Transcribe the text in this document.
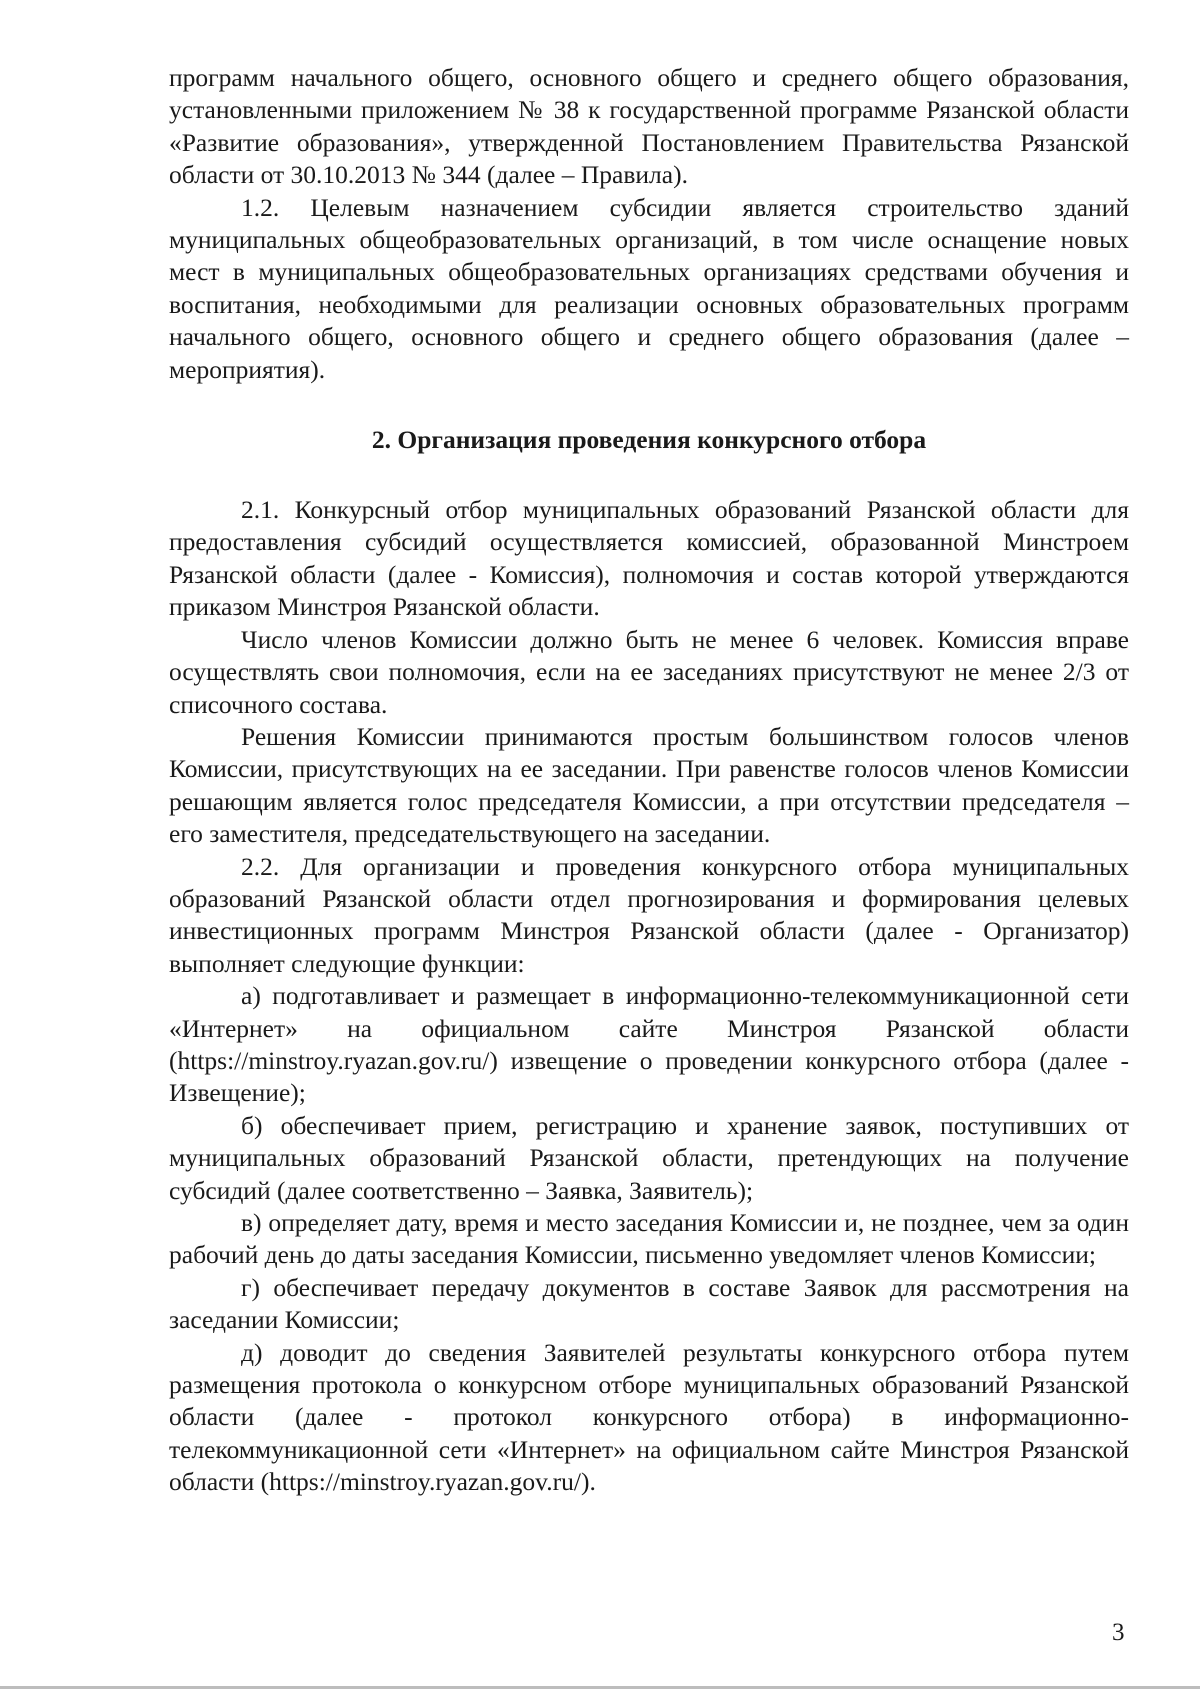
программ начального общего, основного общего и среднего общего образования, установленными приложением № 38 к государственной программе Рязанской области «Развитие образования», утвержденной Постановлением Правительства Рязанской области от 30.10.2013 № 344 (далее – Правила).

1.2. Целевым назначением субсидии является строительство зданий муниципальных общеобразовательных организаций, в том числе оснащение новых мест в муниципальных общеобразовательных организациях средствами обучения и воспитания, необходимыми для реализации основных образовательных программ начального общего, основного общего и среднего общего образования (далее – мероприятия).

2. Организация проведения конкурсного отбора

2.1. Конкурсный отбор муниципальных образований Рязанской области для предоставления субсидий осуществляется комиссией, образованной Минстроем Рязанской области (далее - Комиссия), полномочия и состав которой утверждаются приказом Минстроя Рязанской области.

Число членов Комиссии должно быть не менее 6 человек. Комиссия вправе осуществлять свои полномочия, если на ее заседаниях присутствуют не менее 2/3 от списочного состава.

Решения Комиссии принимаются простым большинством голосов членов Комиссии, присутствующих на ее заседании. При равенстве голосов членов Комиссии решающим является голос председателя Комиссии, а при отсутствии председателя – его заместителя, председательствующего на заседании.

2.2. Для организации и проведения конкурсного отбора муниципальных образований Рязанской области отдел прогнозирования и формирования целевых инвестиционных программ Минстроя Рязанской области (далее - Организатор) выполняет следующие функции:

а) подготавливает и размещает в информационно-телекоммуникационной сети «Интернет» на официальном сайте Минстроя Рязанской области (https://minstroy.ryazan.gov.ru/) извещение о проведении конкурсного отбора (далее - Извещение);

б) обеспечивает прием, регистрацию и хранение заявок, поступивших от муниципальных образований Рязанской области, претендующих на получение субсидий (далее соответственно – Заявка, Заявитель);

в) определяет дату, время и место заседания Комиссии и, не позднее, чем за один рабочий день до даты заседания Комиссии, письменно уведомляет членов Комиссии;

г) обеспечивает передачу документов в составе Заявок для рассмотрения на заседании Комиссии;

д) доводит до сведения Заявителей результаты конкурсного отбора путем размещения протокола о конкурсном отборе муниципальных образований Рязанской области (далее - протокол конкурсного отбора) в информационно-телекоммуникационной сети «Интернет» на официальном сайте Минстроя Рязанской области (https://minstroy.ryazan.gov.ru/).

3
